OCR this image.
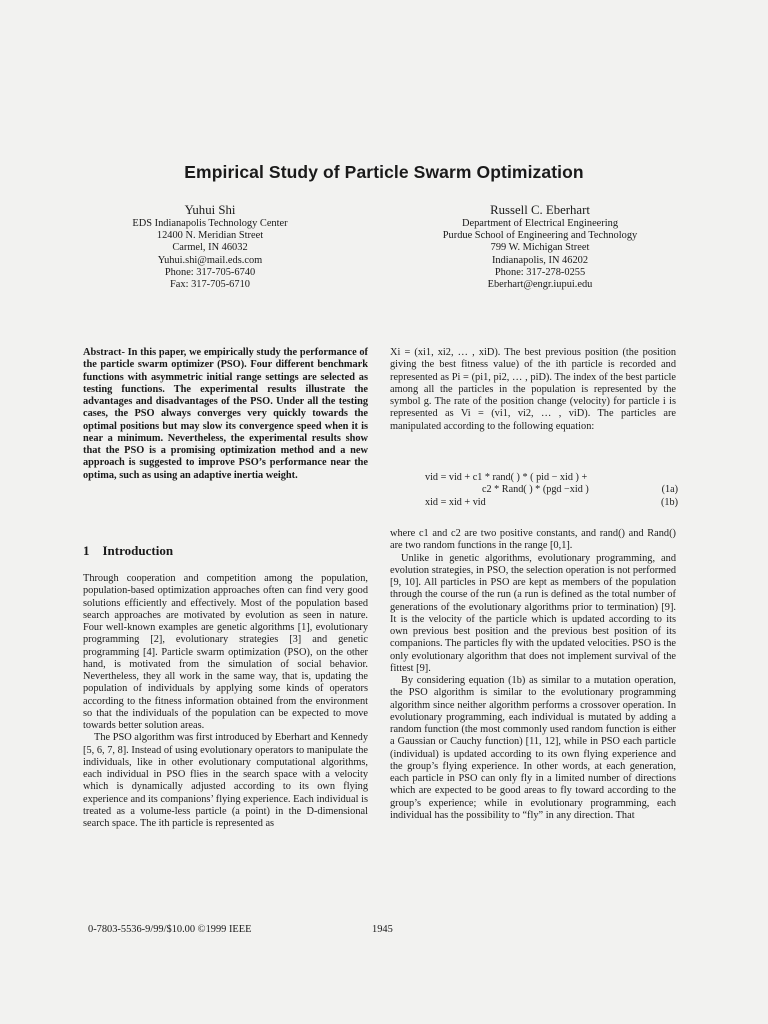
Empirical Study of Particle Swarm Optimization
Yuhui Shi
EDS Indianapolis Technology Center
12400 N. Meridian Street
Carmel, IN 46032
Yuhui.shi@mail.eds.com
Phone: 317-705-6740
Fax: 317-705-6710
Russell C. Eberhart
Department of Electrical Engineering
Purdue School of Engineering and Technology
799 W. Michigan Street
Indianapolis, IN 46202
Phone: 317-278-0255
Eberhart@engr.iupui.edu

Abstract- In this paper, we empirically study the performance of the particle swarm optimizer (PSO). Four different benchmark functions with asymmetric initial range settings are selected as testing functions. The experimental results illustrate the advantages and disadvantages of the PSO. Under all the testing cases, the PSO always converges very quickly towards the optimal positions but may slow its convergence speed when it is near a minimum. Nevertheless, the experimental results show that the PSO is a promising optimization method and a new approach is suggested to improve PSO’s performance near the optima, such as using an adaptive inertia weight.

1 Introduction

Through cooperation and competition among the population, population-based optimization approaches often can find very good solutions efficiently and effectively. Most of the population based search approaches are motivated by evolution as seen in nature. Four well-known examples are genetic algorithms [1], evolutionary programming [2], evolutionary strategies [3] and genetic programming [4]. Particle swarm optimization (PSO), on the other hand, is motivated from the simulation of social behavior. Nevertheless, they all work in the same way, that is, updating the population of individuals by applying some kinds of operators according to the fitness information obtained from the environment so that the individuals of the population can be expected to move towards better solution areas.

The PSO algorithm was first introduced by Eberhart and Kennedy [5, 6, 7, 8]. Instead of using evolutionary operators to manipulate the individuals, like in other evolutionary computational algorithms, each individual in PSO flies in the search space with a velocity which is dynamically adjusted according to its own flying experience and its companions’ flying experience. Each individual is treated as a volume-less particle (a point) in the D-dimensional search space. The ith particle is represented as

Xi = (xi1, xi2, … , xiD). The best previous position (the position giving the best fitness value) of the ith particle is recorded and represented as Pi = (pi1, pi2, … , piD). The index of the best particle among all the particles in the population is represented by the symbol g. The rate of the position change (velocity) for particle i is represented as Vi = (vi1, vi2, … , viD). The particles are manipulated according to the following equation:

vid = vid + c1 * rand( ) * ( pid − xid ) +
c2 * Rand( ) * (pgd −xid )	(1a)
xid = xid + vid	(1b)

where c1 and c2 are two positive constants, and rand() and Rand() are two random functions in the range [0,1].

Unlike in genetic algorithms, evolutionary programming, and evolution strategies, in PSO, the selection operation is not performed [9, 10]. All particles in PSO are kept as members of the population through the course of the run (a run is defined as the total number of generations of the evolutionary algorithms prior to termination) [9]. It is the velocity of the particle which is updated according to its own previous best position and the previous best position of its companions. The particles fly with the updated velocities. PSO is the only evolutionary algorithm that does not implement survival of the fittest [9].

By considering equation (1b) as similar to a mutation operation, the PSO algorithm is similar to the evolutionary programming algorithm since neither algorithm performs a crossover operation. In evolutionary programming, each individual is mutated by adding a random function (the most commonly used random function is either a Gaussian or Cauchy function) [11, 12], while in PSO each particle (individual) is updated according to its own flying experience and the group’s flying experience. In other words, at each generation, each particle in PSO can only fly in a limited number of directions which are expected to be good areas to fly toward according to the group’s experience; while in evolutionary programming, each individual has the possibility to “fly” in any direction. That

0-7803-5536-9/99/$10.00 ©1999 IEEE	1945
